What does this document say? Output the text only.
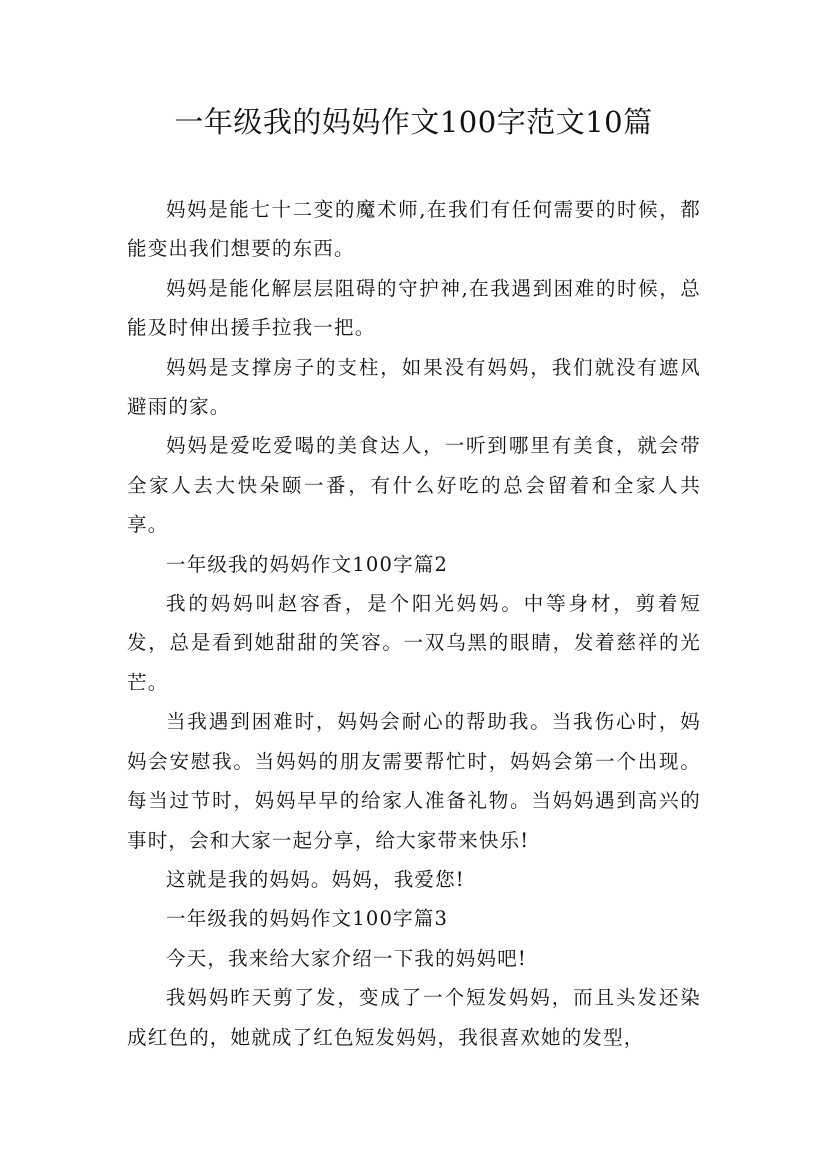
一年级我的妈妈作文100字范文10篇

妈妈是能七十二变的魔术师,在我们有任何需要的时候，都能变出我们想要的东西。

妈妈是能化解层层阻碍的守护神,在我遇到困难的时候，总能及时伸出援手拉我一把。

妈妈是支撑房子的支柱，如果没有妈妈，我们就没有遮风避雨的家。

妈妈是爱吃爱喝的美食达人，一听到哪里有美食，就会带全家人去大快朵颐一番，有什么好吃的总会留着和全家人共享。

一年级我的妈妈作文100字篇2

我的妈妈叫赵容香，是个阳光妈妈。中等身材，剪着短发，总是看到她甜甜的笑容。一双乌黑的眼睛，发着慈祥的光芒。

当我遇到困难时，妈妈会耐心的帮助我。当我伤心时，妈妈会安慰我。当妈妈的朋友需要帮忙时，妈妈会第一个出现。每当过节时，妈妈早早的给家人准备礼物。当妈妈遇到高兴的事时，会和大家一起分享，给大家带来快乐!

这就是我的妈妈。妈妈，我爱您!

一年级我的妈妈作文100字篇3

今天，我来给大家介绍一下我的妈妈吧!

我妈妈昨天剪了发，变成了一个短发妈妈，而且头发还染成红色的，她就成了红色短发妈妈，我很喜欢她的发型，
